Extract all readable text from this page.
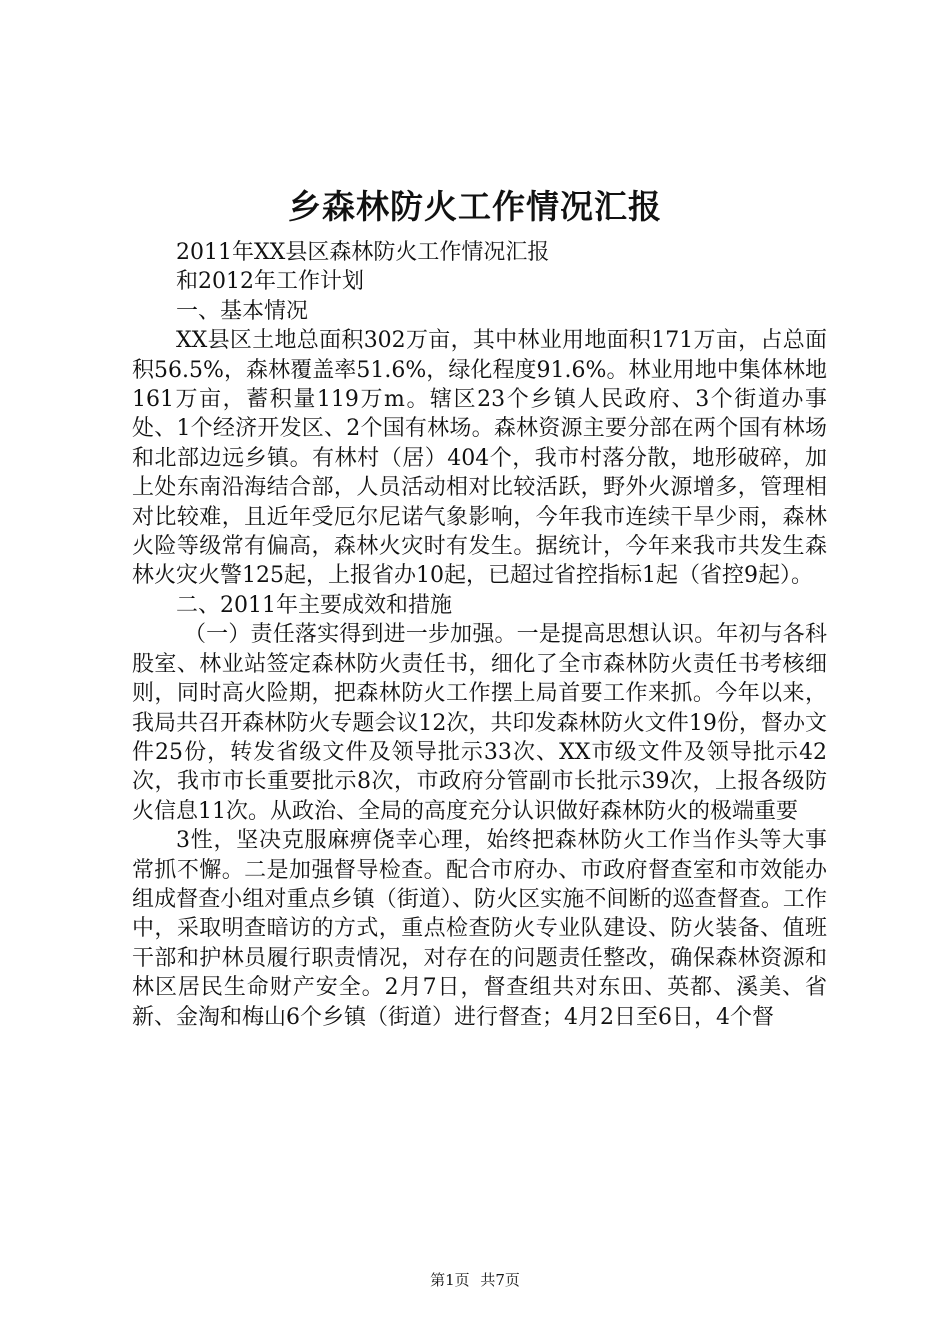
乡森林防火工作情况汇报

2011年XX县区森林防火工作情况汇报

和2012年工作计划

一、基本情况

XX县区土地总面积302万亩，其中林业用地面积171万亩，占总面积56.5%，森林覆盖率51.6%，绿化程度91.6%。林业用地中集体林地161万亩，蓄积量119万m。辖区23个乡镇人民政府、3个街道办事处、1个经济开发区、2个国有林场。森林资源主要分部在两个国有林场和北部边远乡镇。有林村（居）404个，我市村落分散，地形破碎，加上处东南沿海结合部，人员活动相对比较活跃，野外火源增多，管理相对比较难，且近年受厄尔尼诺气象影响，今年我市连续干旱少雨，森林火险等级常有偏高，森林火灾时有发生。据统计，今年来我市共发生森林火灾火警125起，上报省办10起，已超过省控指标1起（省控9起）。

二、2011年主要成效和措施

（一）责任落实得到进一步加强。一是提高思想认识。年初与各科股室、林业站签定森林防火责任书，细化了全市森林防火责任书考核细则，同时高火险期，把森林防火工作摆上局首要工作来抓。今年以来，我局共召开森林防火专题会议12次，共印发森林防火文件19份，督办文件25份，转发省级文件及领导批示33次、XX市级文件及领导批示42次，我市市长重要批示8次，市政府分管副市长批示39次，上报各级防火信息11次。从政治、全局的高度充分认识做好森林防火的极端重要

3性，坚决克服麻痹侥幸心理，始终把森林防火工作当作头等大事常抓不懈。二是加强督导检查。配合市府办、市政府督查室和市效能办组成督查小组对重点乡镇（街道）、防火区实施不间断的巡查督查。工作中，采取明查暗访的方式，重点检查防火专业队建设、防火装备、值班干部和护林员履行职责情况，对存在的问题责任整改，确保森林资源和林区居民生命财产安全。2月7日，督查组共对东田、英都、溪美、省新、金淘和梅山6个乡镇（街道）进行督查；4月2日至6日，4个督

第1页 共7页
